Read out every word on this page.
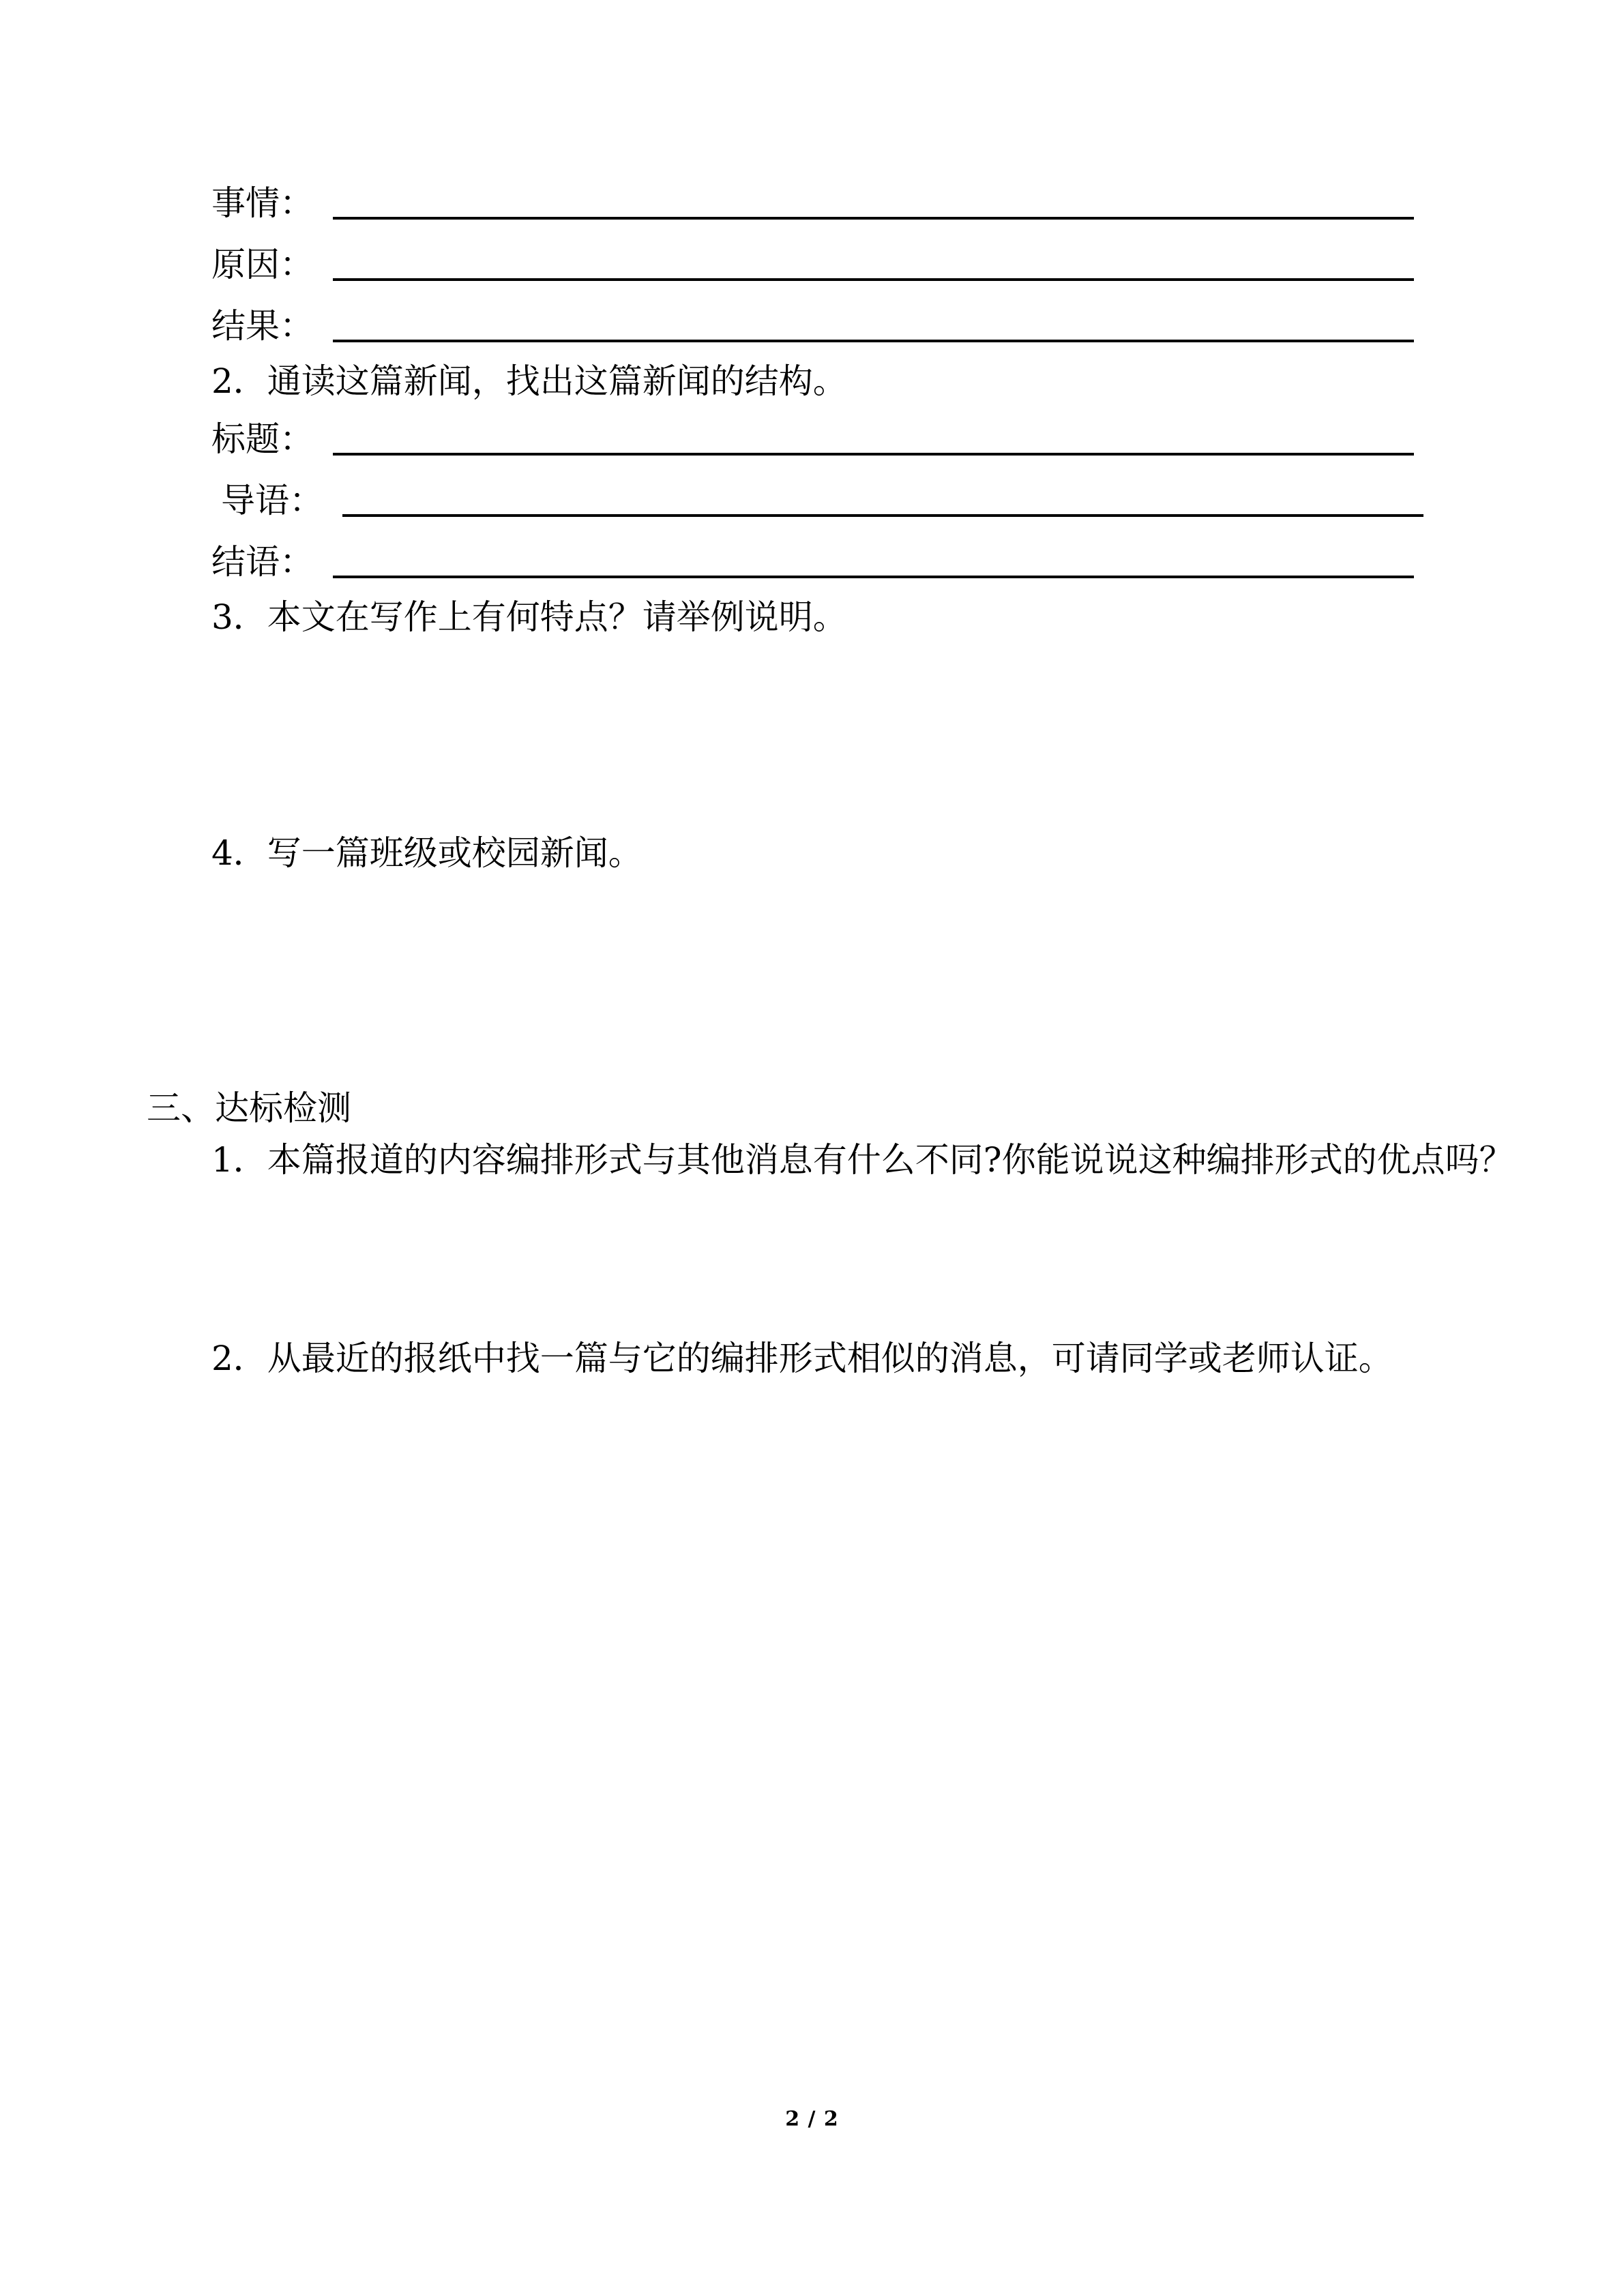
事情：
原因：
结果：
2．通读这篇新闻，找出这篇新闻的结构。
标题：
导语：
结语：
3．本文在写作上有何特点？请举例说明。
4．写一篇班级或校园新闻。
三、达标检测
1．本篇报道的内容编排形式与其他消息有什么不同?你能说说这种编排形式的优点吗？
2．从最近的报纸中找一篇与它的编排形式相似的消息，可请同学或老师认证。
2 / 2
